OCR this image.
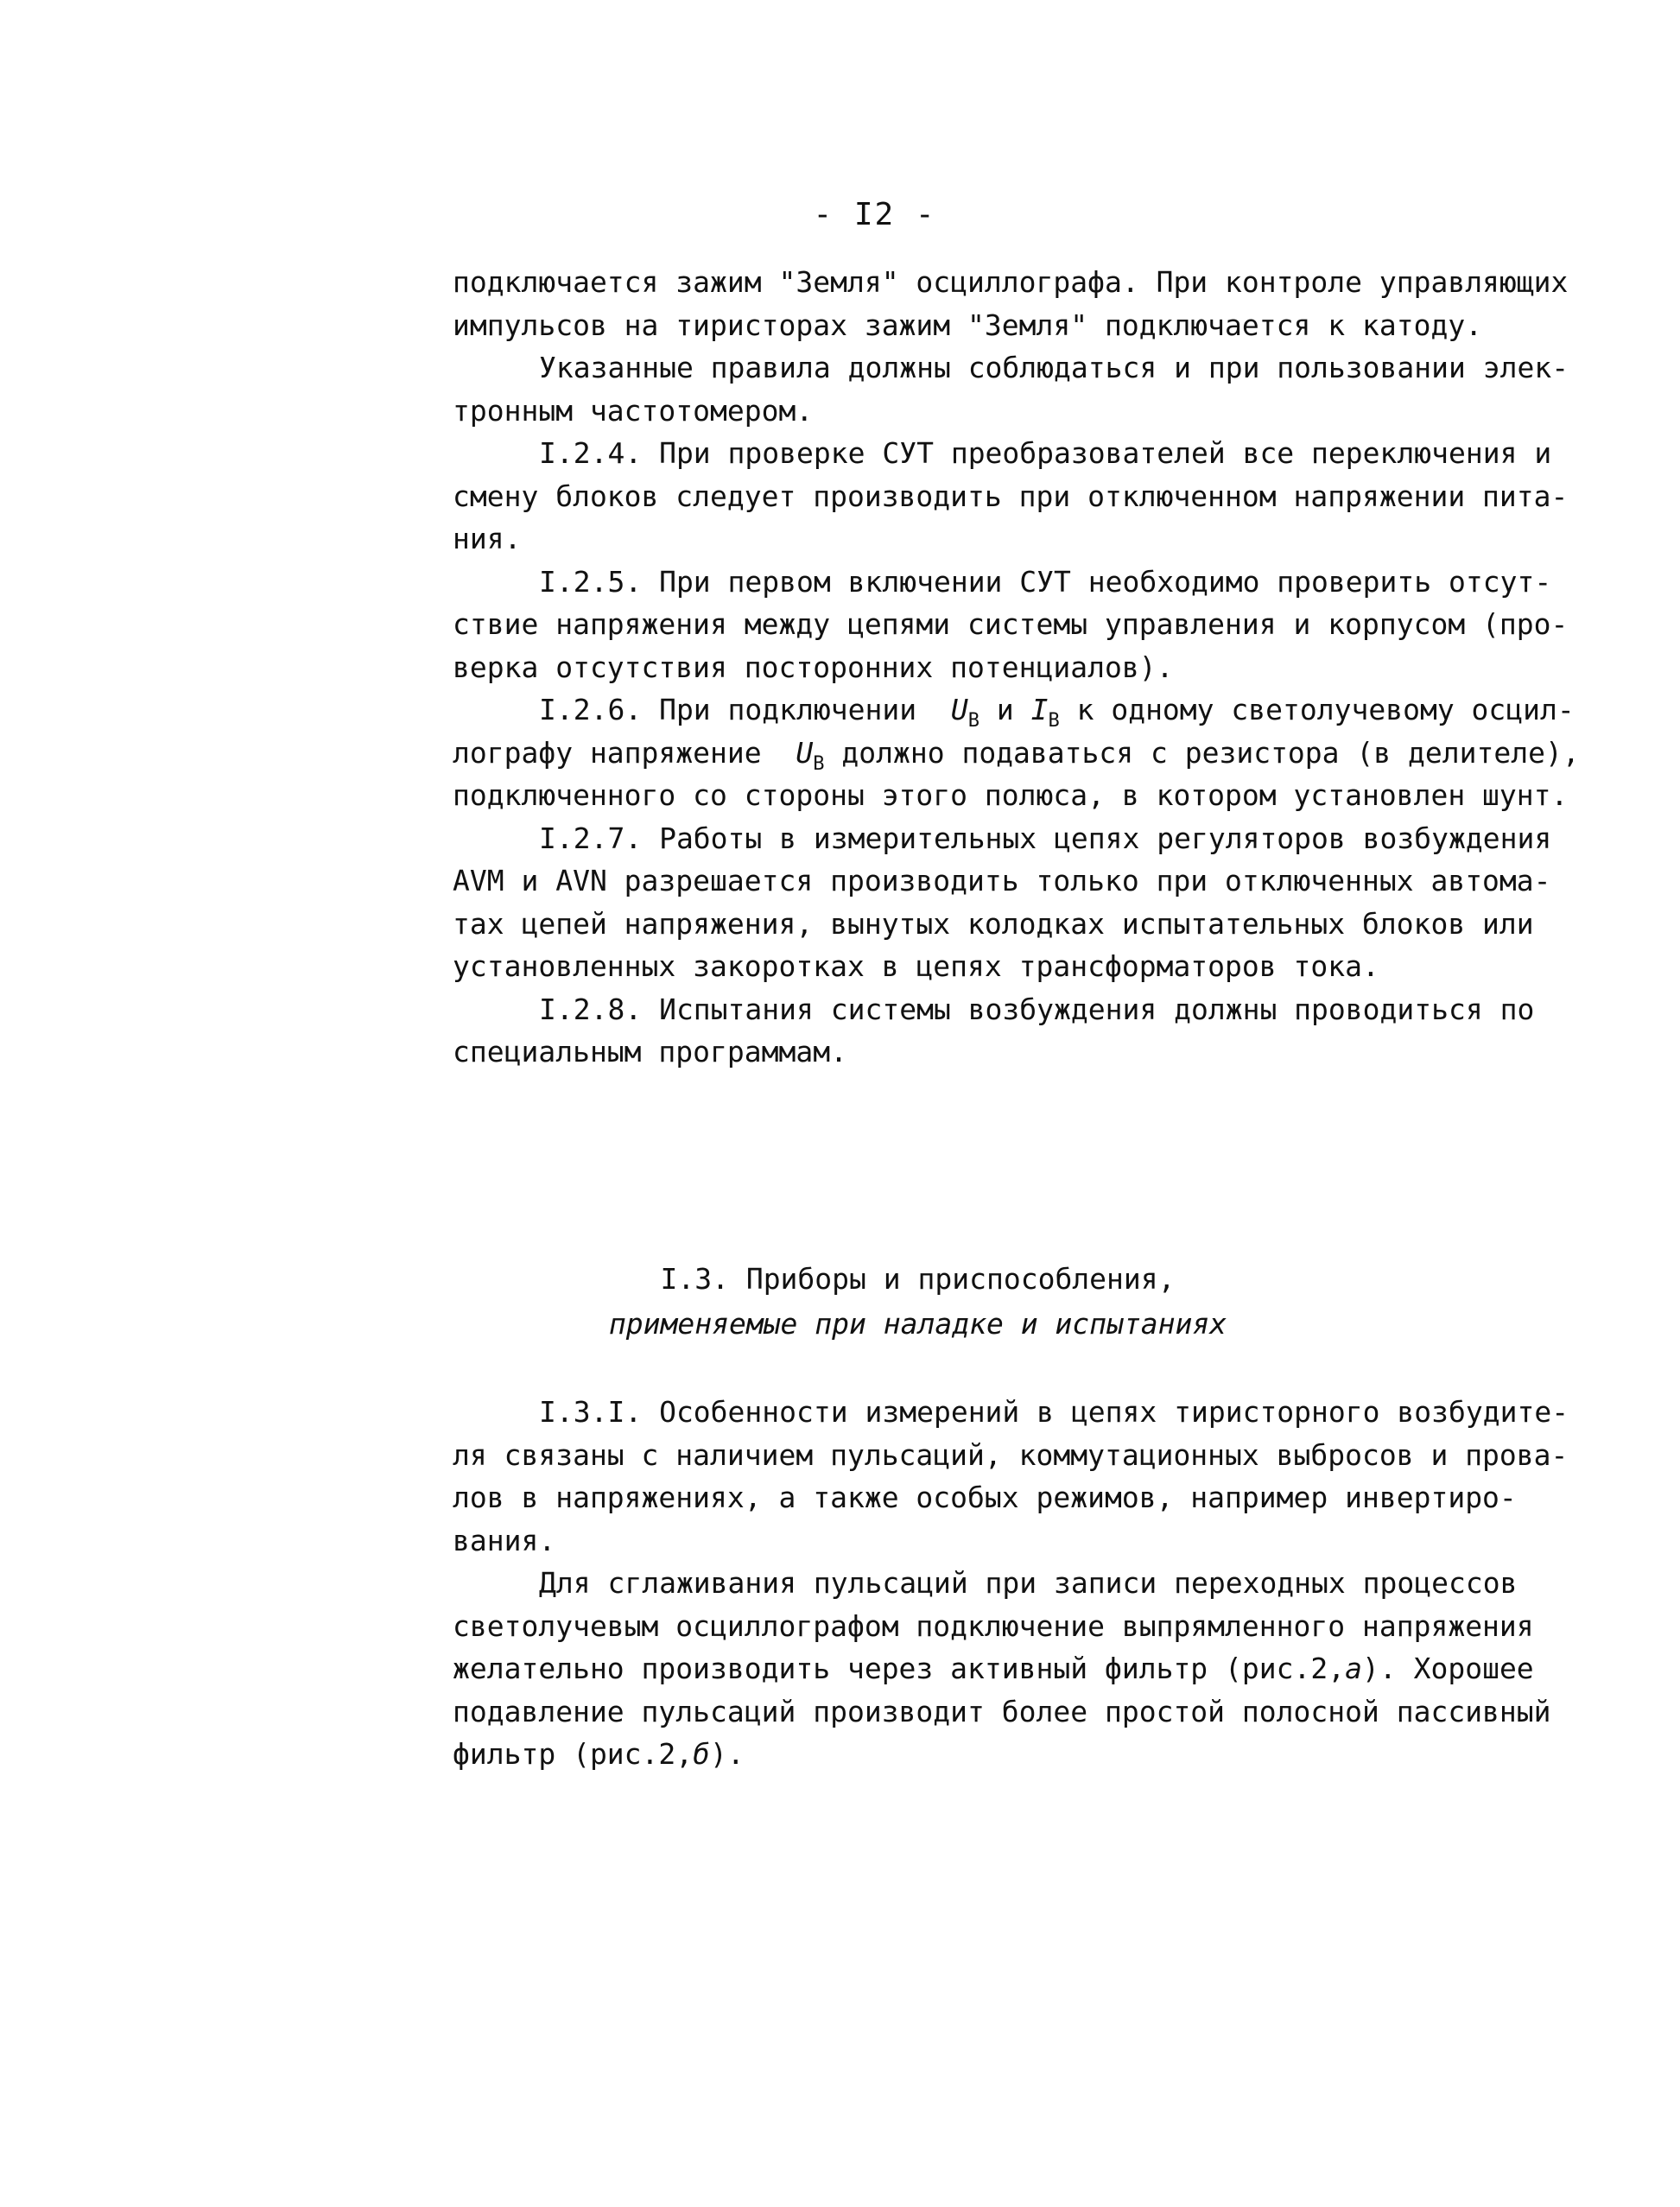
- I2 -
подключается зажим "Земля" осциллографа. При контроле управляющих
импульсов на тиристорах зажим "Земля" подключается к катоду.
Указанные правила должны соблюдаться и при пользовании элек-
тронным частотомером.
I.2.4. При проверке СУТ преобразователей все переключения и
смену блоков следует производить при отключенном напряжении пита-
ния.
I.2.5. При первом включении СУТ необходимо проверить отсут-
ствие напряжения между цепями системы управления и корпусом (про-
верка отсутствия посторонних потенциалов).
I.2.6. При подключении $U_В$ и $I_В$ к одному светолучевому осцил-
лографу напряжение $U_В$ должно подаваться с резистора (в делителе),
подключенного со стороны этого полюса, в котором установлен шунт.
I.2.7. Работы в измерительных цепях регуляторов возбуждения
АVМ и АVN разрешается производить только при отключенных автома-
тах цепей напряжения, вынутых колодках испытательных блоков или
установленных закоротках в цепях трансформаторов тока.
I.2.8. Испытания системы возбуждения должны проводиться по
специальным программам.
I.3. Приборы и приспособления,
применяемые при наладке и испытаниях
I.3.I. Особенности измерений в цепях тиристорного возбудите-
ля связаны с наличием пульсаций, коммутационных выбросов и прова-
лов в напряжениях, а также особых режимов, например инвертиро-
вания.
Для сглаживания пульсаций при записи переходных процессов
светолучевым осциллографом подключение выпрямленного напряжения
желательно производить через активный фильтр (рис.2,а). Хорошее
подавление пульсаций производит более простой полосной пассивный
фильтр (рис.2,б).
